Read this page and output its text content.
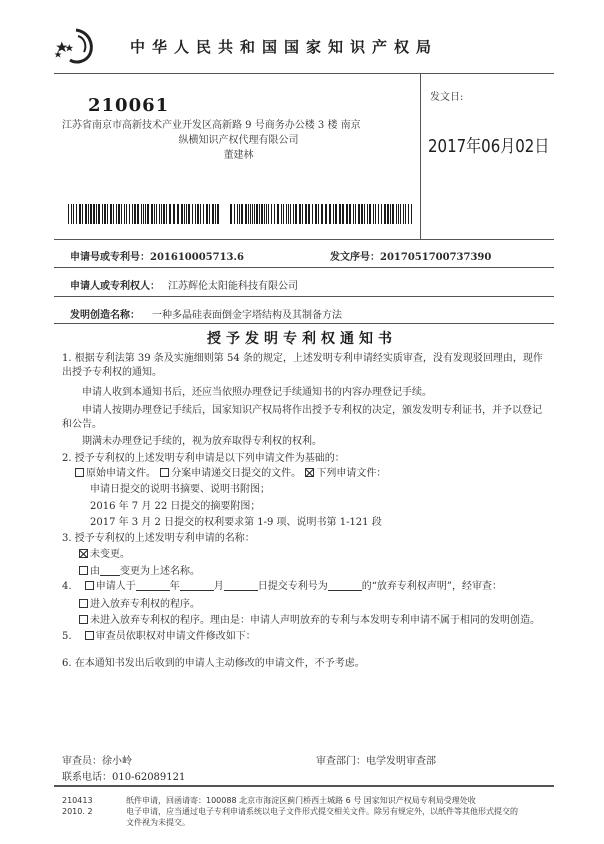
中华人民共和国国家知识产权局
210061
江苏省南京市高新技术产业开发区高新路 9 号商务办公楼 3 楼 南京
纵横知识产权代理有限公司
董建林
发文日:
2017年06月02日
申请号或专利号：201610005713.6	发文序号：2017051700737390
申请人或专利权人： 江苏辉伦太阳能科技有限公司
发明创造名称： 一种多晶硅表面倒金字塔结构及其制备方法
授予发明专利权通知书
1. 根据专利法第 39 条及实施细则第 54 条的规定，上述发明专利申请经实质审查，没有发现驳回理由，现作
出授予专利权的通知。
申请人收到本通知书后，还应当依照办理登记手续通知书的内容办理登记手续。
申请人按期办理登记手续后，国家知识产权局将作出授予专利权的决定，颁发发明专利证书，并予以登记
和公告。
期满未办理登记手续的，视为放弃取得专利权的权利。
2. 授予专利权的上述发明专利申请是以下列申请文件为基础的：
原始申请文件。 分案申请递交日提交的文件。 下列申请文件：
申请日提交的说明书摘要、说明书附图；
2016 年 7 月 22 日提交的摘要附图；
2017 年 3 月 2 日提交的权利要求第 1-9 项、说明书第 1-121 段
3. 授予专利权的上述发明专利申请的名称：
未变更。
由 变更为上述名称。
4. 申请人于	年	月	日提交专利号为	的“放弃专利权声明”，经审查：
进入放弃专利权的程序。
未进入放弃专利权的程序。理由是：申请人声明放弃的专利与本发明专利申请不属于相同的发明创造。
5. 审查员依职权对申请文件修改如下：
6. 在本通知书发出后收到的申请人主动修改的申请文件，不予考虑。
审查员：徐小岭	审查部门：电学发明审查部
联系电话：010-62089121
210413
2010. 2
纸件申请，回函请寄：100088 北京市海淀区蓟门桥西土城路 6 号 国家知识产权局专利局受理处收
电子申请，应当通过电子专利申请系统以电子文件形式提交相关文件。除另有规定外，以纸件等其他形式提交的
文件视为未提交。
